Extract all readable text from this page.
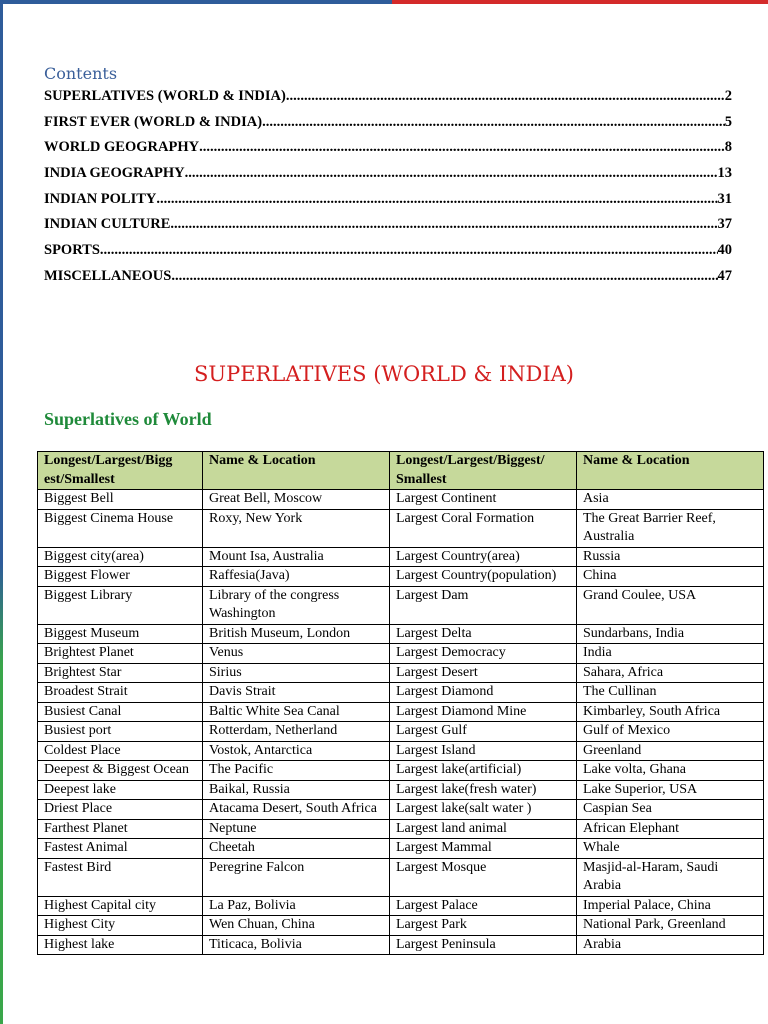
Contents
SUPERLATIVES (WORLD & INDIA) .....	2
FIRST EVER (WORLD & INDIA) .....	5
WORLD GEOGRAPHY .....	8
INDIA GEOGRAPHY .....	13
INDIAN POLITY .....	31
INDIAN CULTURE .....	37
SPORTS .....	40
MISCELLANEOUS .....	47
SUPERLATIVES (WORLD & INDIA)
Superlatives of World
Longest/Largest/Bigg est/Smallest	Name & Location	Longest/Largest/Biggest/ Smallest	Name & Location
Biggest Bell	Great Bell, Moscow	Largest Continent	Asia
Biggest Cinema House	Roxy, New York	Largest Coral Formation	The Great Barrier Reef, Australia
Biggest city(area)	Mount Isa, Australia	Largest Country(area)	Russia
Biggest Flower	Raffesia(Java)	Largest Country(population)	China
Biggest Library	Library of the congress Washington	Largest Dam	Grand Coulee, USA
Biggest Museum	British Museum, London	Largest Delta	Sundarbans, India
Brightest Planet	Venus	Largest Democracy	India
Brightest Star	Sirius	Largest Desert	Sahara, Africa
Broadest Strait	Davis Strait	Largest Diamond	The Cullinan
Busiest Canal	Baltic White Sea Canal	Largest Diamond Mine	Kimbarley, South Africa
Busiest port	Rotterdam, Netherland	Largest Gulf	Gulf of Mexico
Coldest Place	Vostok, Antarctica	Largest Island	Greenland
Deepest & Biggest Ocean	The Pacific	Largest lake(artificial)	Lake volta, Ghana
Deepest lake	Baikal, Russia	Largest lake(fresh water)	Lake Superior, USA
Driest Place	Atacama Desert, South Africa	Largest lake(salt water )	Caspian Sea
Farthest Planet	Neptune	Largest land animal	African Elephant
Fastest Animal	Cheetah	Largest Mammal	Whale
Fastest Bird	Peregrine Falcon	Largest Mosque	Masjid-al-Haram, Saudi Arabia
Highest Capital city	La Paz, Bolivia	Largest Palace	Imperial Palace, China
Highest City	Wen Chuan, China	Largest Park	National Park, Greenland
Highest lake	Titicaca, Bolivia	Largest Peninsula	Arabia
